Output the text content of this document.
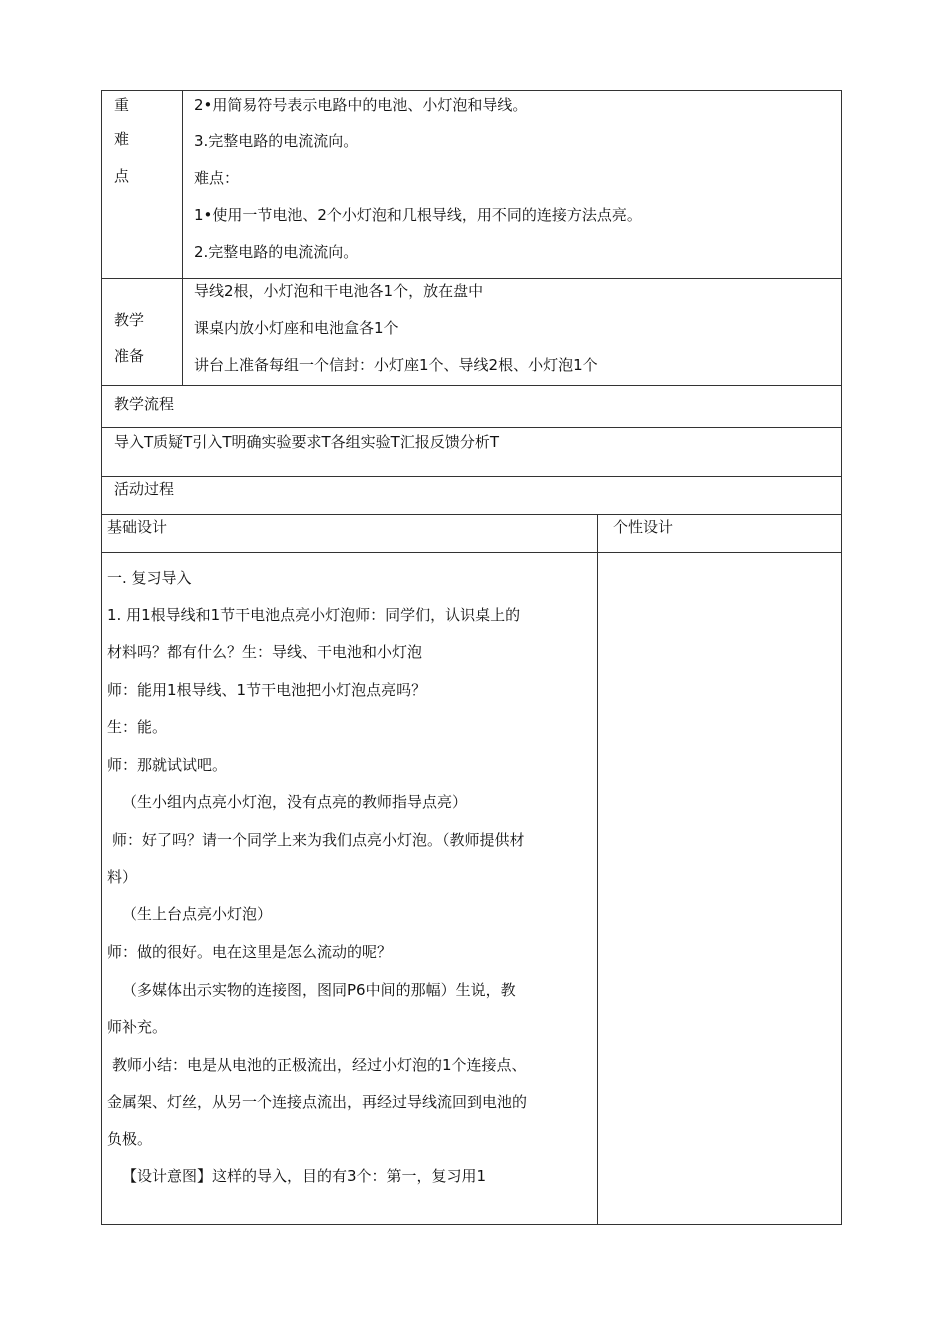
重
难
点
2•用简易符号表示电路中的电池、小灯泡和导线。
3.完整电路的电流流向。
难点：
1•使用一节电池、2个小灯泡和几根导线，用不同的连接方法点亮。
2.完整电路的电流流向。
教学
准备
导线2根，小灯泡和干电池各1个，放在盘中
课桌内放小灯座和电池盒各1个
讲台上准备每组一个信封：小灯座1个、导线2根、小灯泡1个
教学流程
导入T质疑T引入T明确实验要求T各组实验T汇报反馈分析T
活动过程
基础设计	个性设计
一. 复习导入
1. 用1根导线和1节干电池点亮小灯泡师：同学们，认识桌上的
材料吗？都有什么？生：导线、干电池和小灯泡
师：能用1根导线、1节干电池把小灯泡点亮吗？
生：能。
师：那就试试吧。
（生小组内点亮小灯泡，没有点亮的教师指导点亮）
师：好了吗？请一个同学上来为我们点亮小灯泡。（教师提供材
料）
（生上台点亮小灯泡）
师：做的很好。电在这里是怎么流动的呢？
（多媒体出示实物的连接图，图同P6中间的那幅）生说，教
师补充。
教师小结：电是从电池的正极流出，经过小灯泡的1个连接点、
金属架、灯丝，从另一个连接点流出，再经过导线流回到电池的
负极。
【设计意图】这样的导入，目的有3个：第一，复习用1
